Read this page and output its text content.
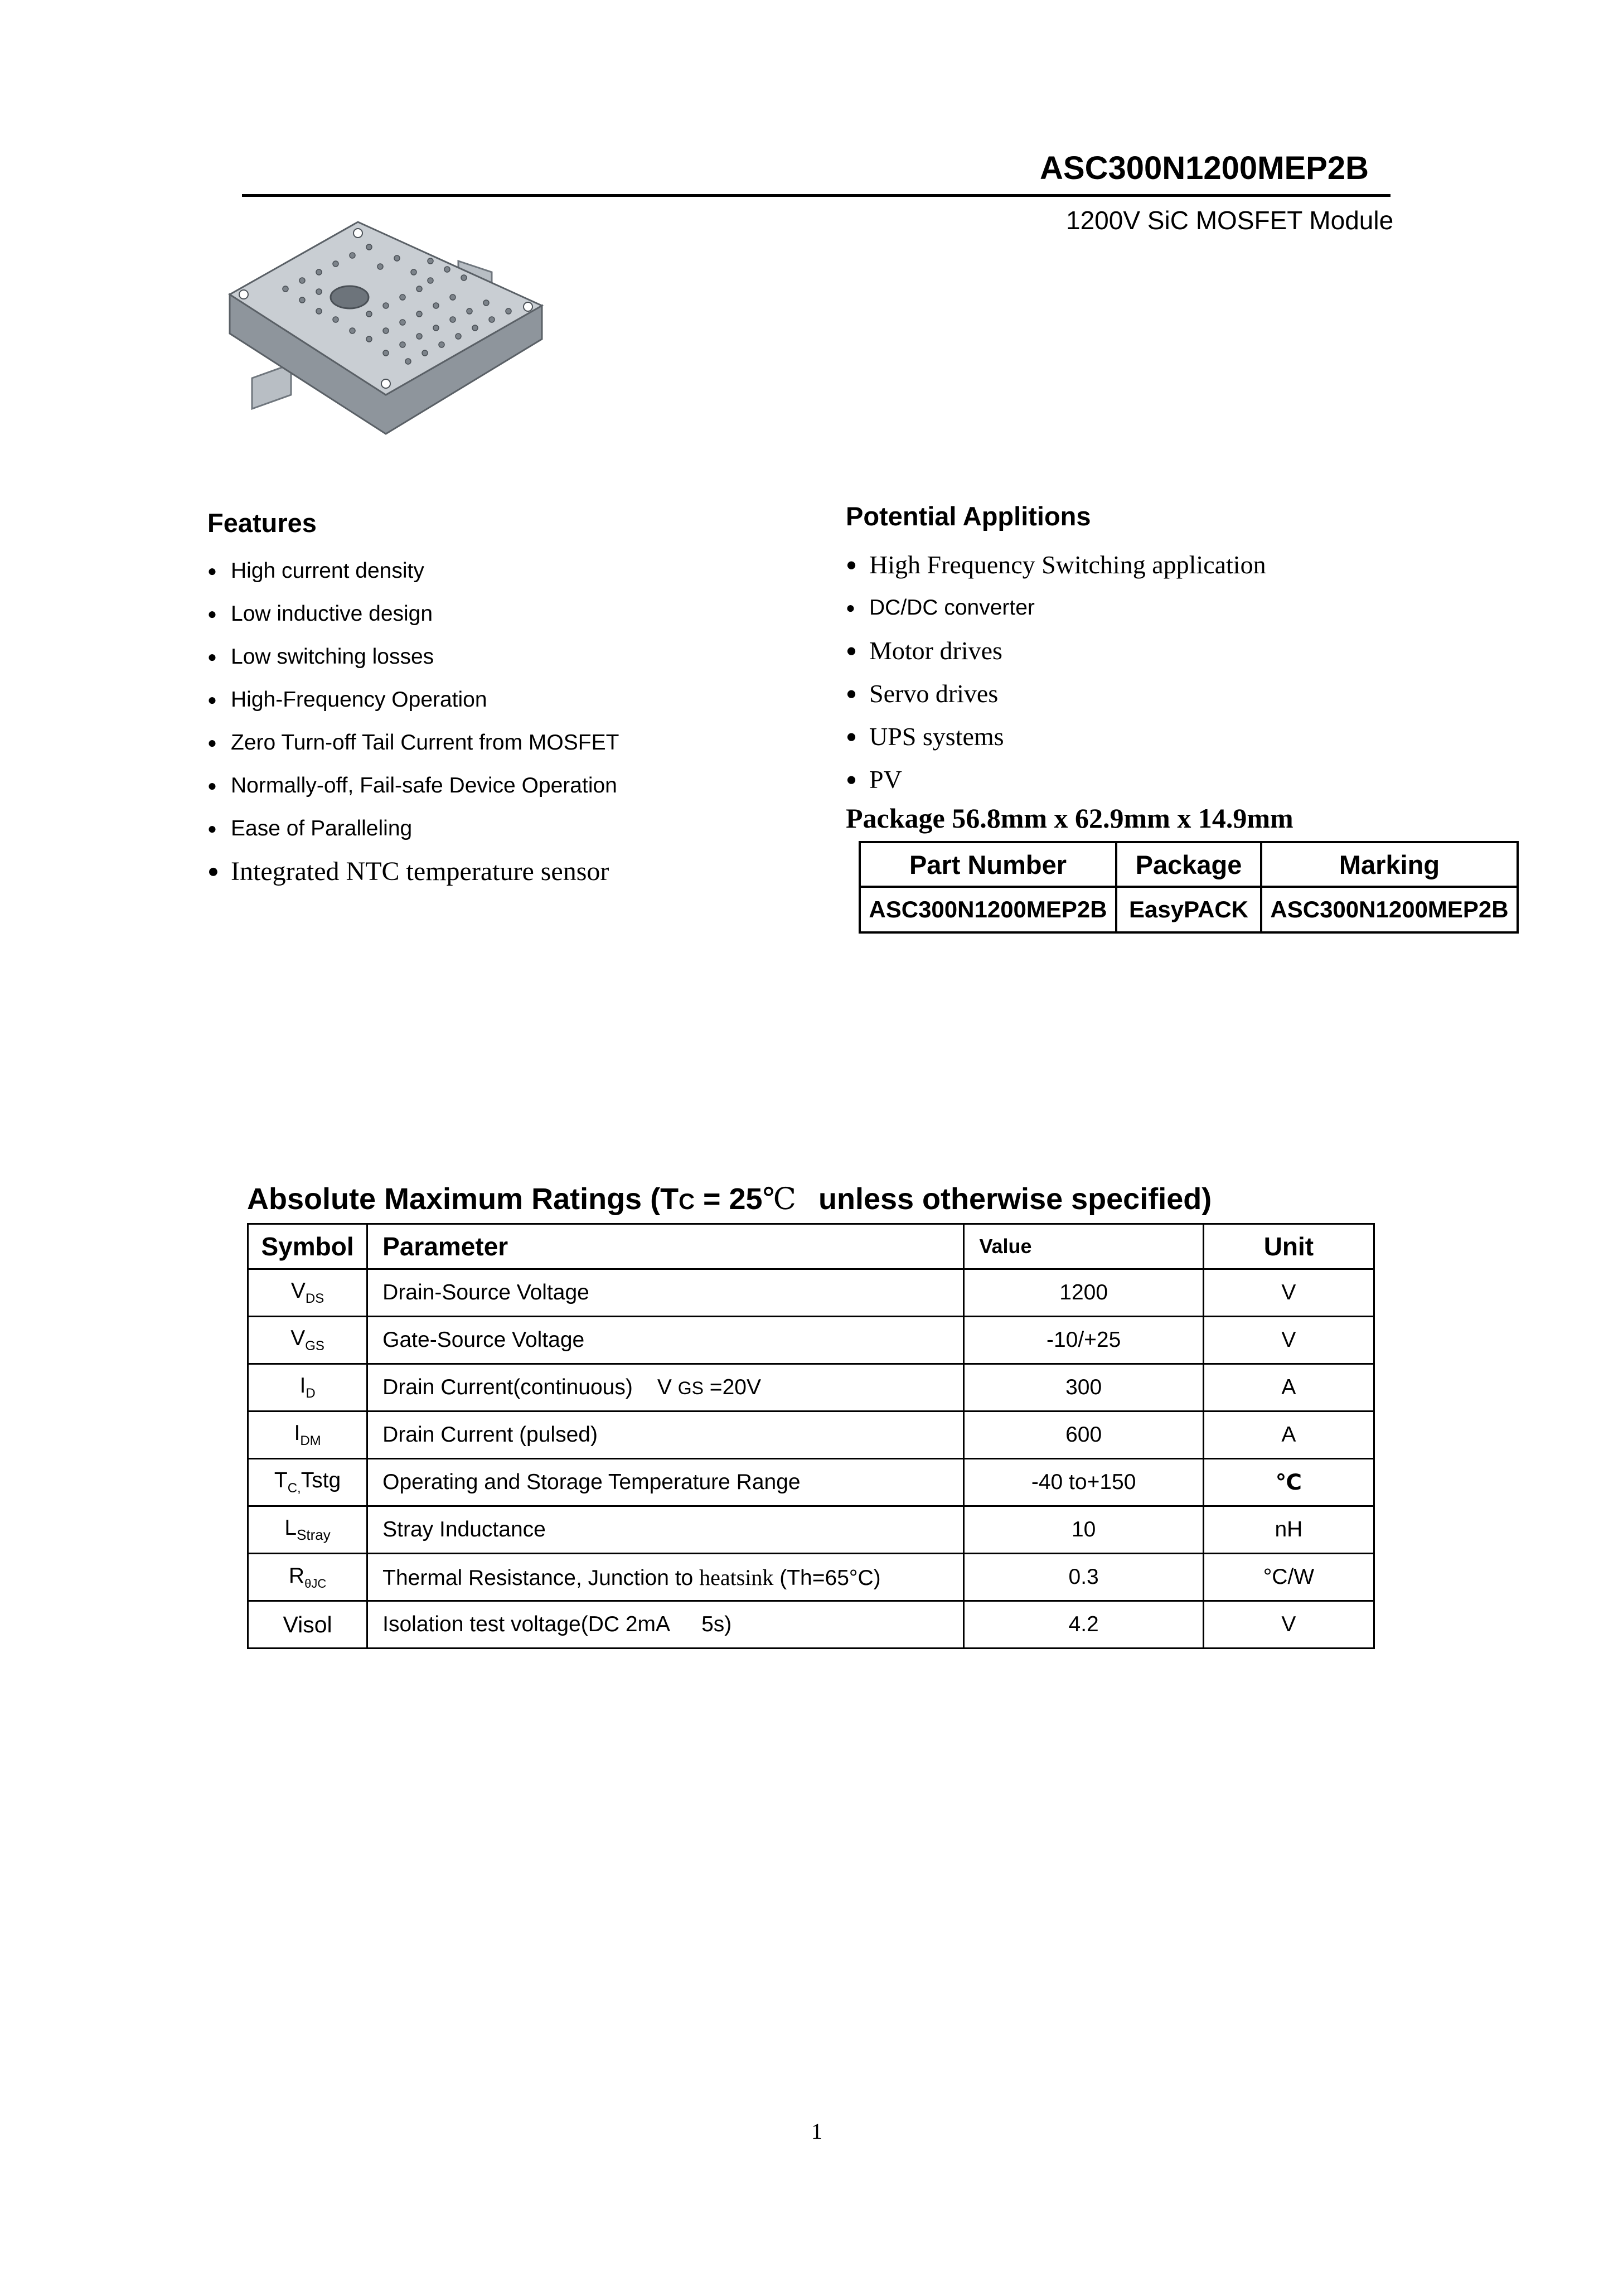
ASC300N1200MEP2B
1200V SiC MOSFET Module
Features
● High current density
● Low inductive design
● Low switching losses
● High-Frequency Operation
● Zero Turn-off Tail Current from MOSFET
● Normally-off, Fail-safe Device Operation
● Ease of Paralleling
● Integrated NTC temperature sensor
Potential Applitions
● High Frequency Switching application
● DC/DC converter
● Motor drives
● Servo drives
● UPS systems
● PV
Package 56.8mm x 62.9mm x 14.9mm
Part Number	Package	Marking
ASC300N1200MEP2B	EasyPACK	ASC300N1200MEP2B
Absolute Maximum Ratings (TC = 25℃ unless otherwise specified)
Symbol	Parameter	Value	Unit
$V_{DS}$	Drain-Source Voltage	1200	V
$V_{GS}$	Gate-Source Voltage	-10/+25	V
$I_D$	Drain Current(continuous) V GS =20V	300	A
$I_{DM}$	Drain Current (pulsed)	600	A
$T_{C,}Tstg$	Operating and Storage Temperature Range	-40 to+150	℃
$L_{Stray}$	Stray Inductance	10	nH
$R_{\theta JC}$	Thermal Resistance, Junction to heatsink (Th=65°C)	0.3	°C/W
Visol	Isolation test voltage(DC 2mA 5s)	4.2	V
1
